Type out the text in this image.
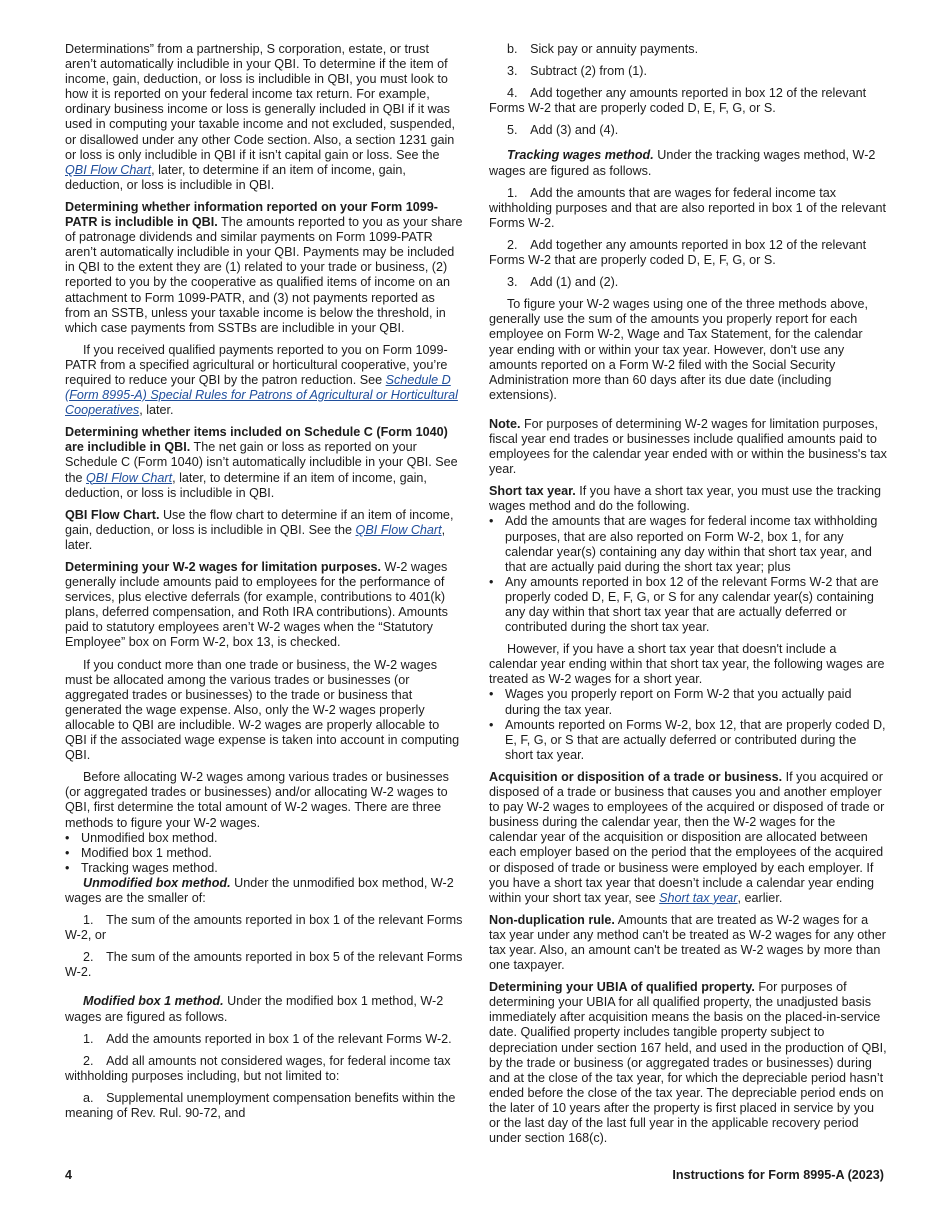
Determinations” from a partnership, S corporation, estate, or trust aren’t automatically includible in your QBI. To determine if the item of income, gain, deduction, or loss is includible in QBI, you must look to how it is reported on your federal income tax return. For example, ordinary business income or loss is generally included in QBI if it was used in computing your taxable income and not excluded, suspended, or disallowed under any other Code section. Also, a section 1231 gain or loss is only includible in QBI if it isn’t capital gain or loss. See the QBI Flow Chart, later, to determine if an item of income, gain, deduction, or loss is includible in QBI.

Determining whether information reported on your Form 1099-PATR is includible in QBI. The amounts reported to you as your share of patronage dividends and similar payments on Form 1099-PATR aren’t automatically includible in your QBI. Payments may be included in QBI to the extent they are (1) related to your trade or business, (2) reported to you by the cooperative as qualified items of income on an attachment to Form 1099-PATR, and (3) not payments reported as from an SSTB, unless your taxable income is below the threshold, in which case payments from SSTBs are includible in your QBI.

If you received qualified payments reported to you on Form 1099-PATR from a specified agricultural or horticultural cooperative, you’re required to reduce your QBI by the patron reduction. See Schedule D (Form 8995-A) Special Rules for Patrons of Agricultural or Horticultural Cooperatives, later.

Determining whether items included on Schedule C (Form 1040) are includible in QBI. The net gain or loss as reported on your Schedule C (Form 1040) isn’t automatically includible in your QBI. See the QBI Flow Chart, later, to determine if an item of income, gain, deduction, or loss is includible in QBI.

QBI Flow Chart. Use the flow chart to determine if an item of income, gain, deduction, or loss is includible in QBI. See the QBI Flow Chart, later.

Determining your W-2 wages for limitation purposes. W-2 wages generally include amounts paid to employees for the performance of services, plus elective deferrals (for example, contributions to 401(k) plans, deferred compensation, and Roth IRA contributions). Amounts paid to statutory employees aren’t W-2 wages when the “Statutory Employee” box on Form W-2, box 13, is checked.

If you conduct more than one trade or business, the W-2 wages must be allocated among the various trades or businesses (or aggregated trades or businesses) to the trade or business that generated the wage expense. Also, only the W-2 wages properly allocable to QBI are includible. W-2 wages are properly allocable to QBI if the associated wage expense is taken into account in computing QBI.

Before allocating W-2 wages among various trades or businesses (or aggregated trades or businesses) and/or allocating W-2 wages to QBI, first determine the total amount of W-2 wages. There are three methods to figure your W-2 wages.

• Unmodified box method.

• Modified box 1 method.

• Tracking wages method.

Unmodified box method. Under the unmodified box method, W-2 wages are the smaller of:

1. The sum of the amounts reported in box 1 of the relevant Forms W-2, or

2. The sum of the amounts reported in box 5 of the relevant Forms W-2.

Modified box 1 method. Under the modified box 1 method, W-2 wages are figured as follows.

1. Add the amounts reported in box 1 of the relevant Forms W-2.

2. Add all amounts not considered wages, for federal income tax withholding purposes including, but not limited to:

a. Supplemental unemployment compensation benefits within the meaning of Rev. Rul. 90-72, and

b. Sick pay or annuity payments.

3. Subtract (2) from (1).

4. Add together any amounts reported in box 12 of the relevant Forms W-2 that are properly coded D, E, F, G, or S.

5. Add (3) and (4).

Tracking wages method. Under the tracking wages method, W-2 wages are figured as follows.

1. Add the amounts that are wages for federal income tax withholding purposes and that are also reported in box 1 of the relevant Forms W-2.

2. Add together any amounts reported in box 12 of the relevant Forms W-2 that are properly coded D, E, F, G, or S.

3. Add (1) and (2).

To figure your W-2 wages using one of the three methods above, generally use the sum of the amounts you properly report for each employee on Form W-2, Wage and Tax Statement, for the calendar year ending with or within your tax year. However, don't use any amounts reported on a Form W-2 filed with the Social Security Administration more than 60 days after its due date (including extensions).

Note. For purposes of determining W-2 wages for limitation purposes, fiscal year end trades or businesses include qualified amounts paid to employees for the calendar year ended with or within the business's tax year.

Short tax year. If you have a short tax year, you must use the tracking wages method and do the following.

• Add the amounts that are wages for federal income tax withholding purposes, that are also reported on Form W-2, box 1, for any calendar year(s) containing any day within that short tax year, and that are actually paid during the short tax year; plus

• Any amounts reported in box 12 of the relevant Forms W-2 that are properly coded D, E, F, G, or S for any calendar year(s) containing any day within that short tax year that are actually deferred or contributed during the short tax year.

However, if you have a short tax year that doesn't include a calendar year ending within that short tax year, the following wages are treated as W-2 wages for a short year.

• Wages you properly report on Form W-2 that you actually paid during the tax year.

• Amounts reported on Forms W-2, box 12, that are properly coded D, E, F, G, or S that are actually deferred or contributed during the short tax year.

Acquisition or disposition of a trade or business. If you acquired or disposed of a trade or business that causes you and another employer to pay W-2 wages to employees of the acquired or disposed of trade or business during the calendar year, then the W-2 wages for the calendar year of the acquisition or disposition are allocated between each employer based on the period that the employees of the acquired or disposed of trade or business were employed by each employer. If you have a short tax year that doesn’t include a calendar year ending within your short tax year, see Short tax year, earlier.

Non-duplication rule. Amounts that are treated as W-2 wages for a tax year under any method can't be treated as W-2 wages for any other tax year. Also, an amount can't be treated as W-2 wages by more than one taxpayer.

Determining your UBIA of qualified property. For purposes of determining your UBIA for all qualified property, the unadjusted basis immediately after acquisition means the basis on the placed-in-service date. Qualified property includes tangible property subject to depreciation under section 167 held, and used in the production of QBI, by the trade or business (or aggregated trades or businesses) during and at the close of the tax year, for which the depreciable period hasn’t ended before the close of the tax year. The depreciable period ends on the later of 10 years after the property is first placed in service by you or the last day of the last full year in the applicable recovery period under section 168(c).

4	Instructions for Form 8995-A (2023)
